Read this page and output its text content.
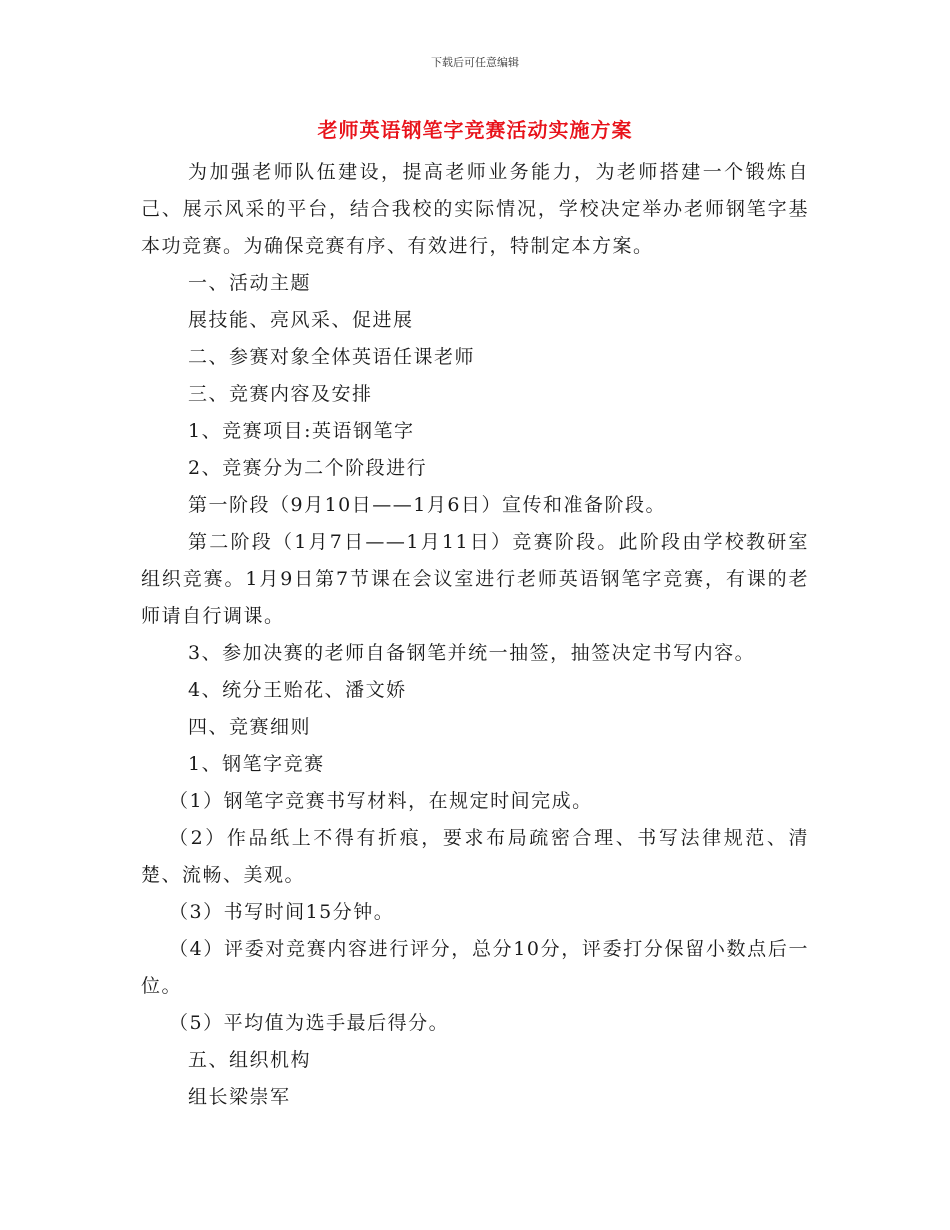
下载后可任意编辑
老师英语钢笔字竞赛活动实施方案

为加强老师队伍建设，提高老师业务能力，为老师搭建一个锻炼自己、展示风采的平台，结合我校的实际情况，学校决定举办老师钢笔字基本功竞赛。为确保竞赛有序、有效进行，特制定本方案。

一、活动主题

展技能、亮风采、促进展

二、参赛对象全体英语任课老师

三、竞赛内容及安排

1、竞赛项目:英语钢笔字

2、竞赛分为二个阶段进行

第一阶段（9月10日——1月6日）宣传和准备阶段。

第二阶段（1月7日——1月11日）竞赛阶段。此阶段由学校教研室组织竞赛。1月9日第7节课在会议室进行老师英语钢笔字竞赛，有课的老师请自行调课。

3、参加决赛的老师自备钢笔并统一抽签，抽签决定书写内容。

4、统分王贻花、潘文娇

四、竞赛细则

1、钢笔字竞赛

（1）钢笔字竞赛书写材料，在规定时间完成。

（2）作品纸上不得有折痕，要求布局疏密合理、书写法律规范、清楚、流畅、美观。

（3）书写时间15分钟。

（4）评委对竞赛内容进行评分，总分10分，评委打分保留小数点后一位。

（5）平均值为选手最后得分。

五、组织机构

组长梁崇军
